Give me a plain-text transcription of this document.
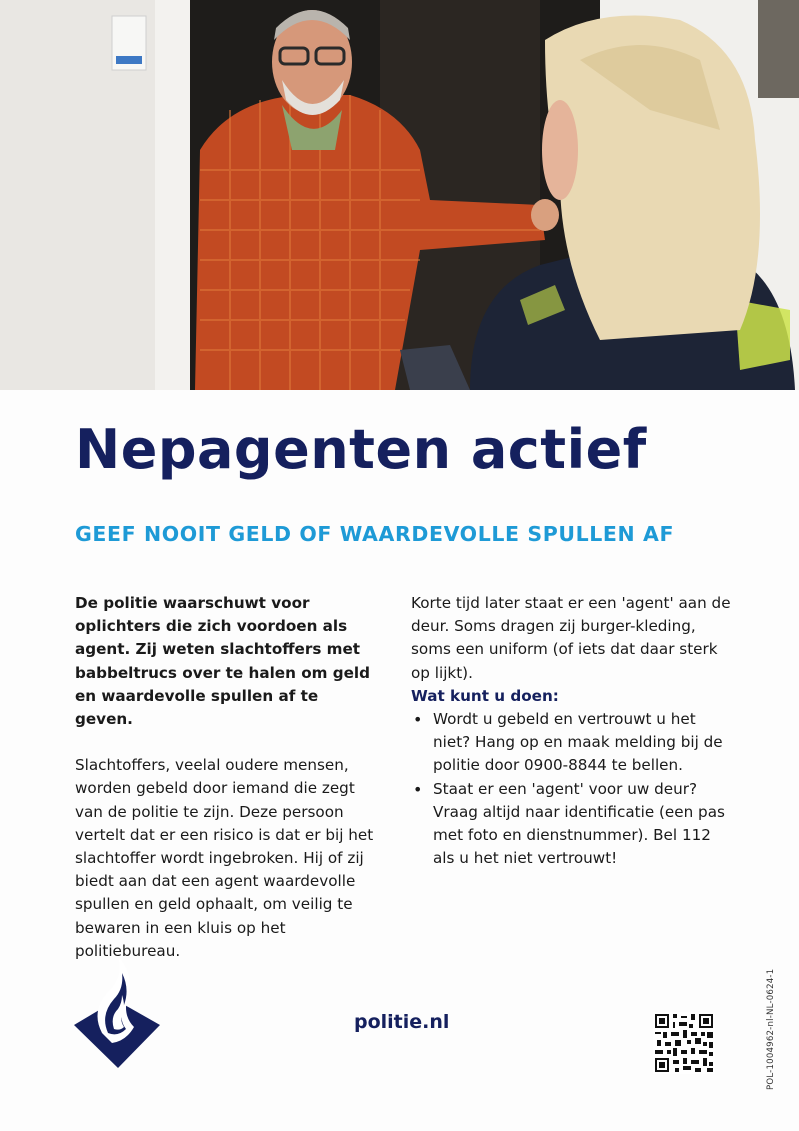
Nepagenten actief
GEEF NOOIT GELD OF WAARDEVOLLE SPULLEN AF

De politie waarschuwt voor oplichters die zich voordoen als agent. Zij weten slachtoffers met babbeltrucs over te halen om geld en waardevolle spullen af te geven.

Slachtoffers, veelal oudere mensen, worden gebeld door iemand die zegt van de politie te zijn. Deze persoon vertelt dat er een risico is dat er bij het slachtoffer wordt ingebroken. Hij of zij biedt aan dat een agent waardevolle spullen en geld ophaalt, om veilig te bewaren in een kluis op het politiebureau.

Korte tijd later staat er een 'agent' aan de deur. Soms dragen zij burger-kleding, soms een uniform (of iets dat daar sterk op lijkt).

Wat kunt u doen:

• Wordt u gebeld en vertrouwt u het niet? Hang op en maak melding bij de politie door 0900-8844 te bellen.
• Staat er een 'agent' voor uw deur? Vraag altijd naar identificatie (een pas met foto en dienstnummer). Bel 112 als u het niet vertrouwt!
politie.nl	POL-1004962-nl-NL-0624-1
